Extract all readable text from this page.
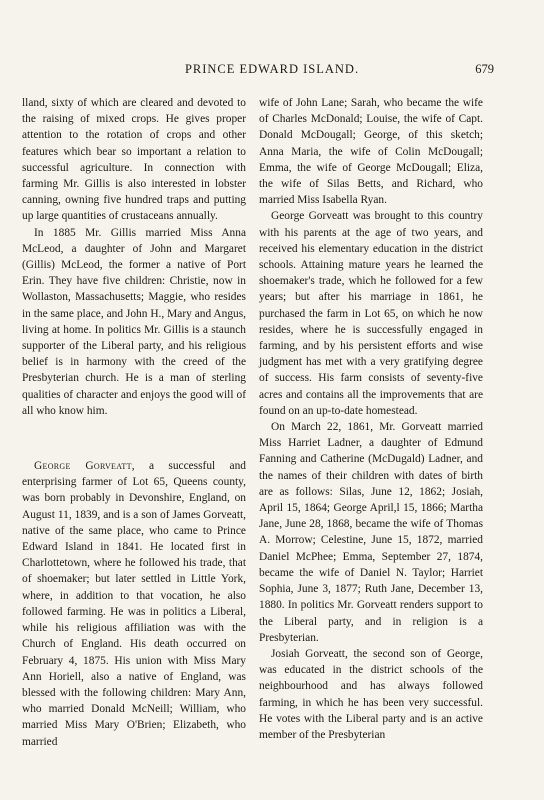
PRINCE EDWARD ISLAND.	679

lland, sixty of which are cleared and devoted to the raising of mixed crops. He gives proper attention to the rotation of crops and other features which bear so important a relation to successful agriculture. In connection with farming Mr. Gillis is also interested in lobster canning, owning five hundred traps and putting up large quantities of crustaceans annually.

In 1885 Mr. Gillis married Miss Anna McLeod, a daughter of John and Margaret (Gillis) McLeod, the former a native of Port Erin. They have five children: Christie, now in Wollaston, Massachusetts; Maggie, who resides in the same place, and John H., Mary and Angus, living at home. In politics Mr. Gillis is a staunch supporter of the Liberal party, and his religious belief is in harmony with the creed of the Presbyterian church. He is a man of sterling qualities of character and enjoys the good will of all who know him.

George Gorveatt, a successful and enterprising farmer of Lot 65, Queens county, was born probably in Devonshire, England, on August 11, 1839, and is a son of James Gorveatt, native of the same place, who came to Prince Edward Island in 1841. He located first in Charlottetown, where he followed his trade, that of shoemaker; but later settled in Little York, where, in addition to that vocation, he also followed farming. He was in politics a Liberal, while his religious affiliation was with the Church of England. His death occurred on February 4, 1875. His union with Miss Mary Ann Horiell, also a native of England, was blessed with the following children: Mary Ann, who married Donald McNeill; William, who married Miss Mary O'Brien; Elizabeth, who married

wife of John Lane; Sarah, who became the wife of Charles McDonald; Louise, the wife of Capt. Donald McDougall; George, of this sketch; Anna Maria, the wife of Colin McDougall; Emma, the wife of George McDougall; Eliza, the wife of Silas Betts, and Richard, who married Miss Isabella Ryan.

George Gorveatt was brought to this country with his parents at the age of two years, and received his elementary education in the district schools. Attaining mature years he learned the shoemaker's trade, which he followed for a few years; but after his marriage in 1861, he purchased the farm in Lot 65, on which he now resides, where he is successfully engaged in farming, and by his persistent efforts and wise judgment has met with a very gratifying degree of success. His farm consists of seventy-five acres and contains all the improvements that are found on an up-to-date homestead.

On March 22, 1861, Mr. Gorveatt married Miss Harriet Ladner, a daughter of Edmund Fanning and Catherine (McDugald) Ladner, and the names of their children with dates of birth are as follows: Silas, June 12, 1862; Josiah, April 15, 1864; George April,l 15, 1866; Martha Jane, June 28, 1868, became the wife of Thomas A. Morrow; Celestine, June 15, 1872, married Daniel McPhee; Emma, September 27, 1874, became the wife of Daniel N. Taylor; Harriet Sophia, June 3, 1877; Ruth Jane, December 13, 1880. In politics Mr. Gorveatt renders support to the Liberal party, and in religion is a Presbyterian.

Josiah Gorveatt, the second son of George, was educated in the district schools of the neighbourhood and has always followed farming, in which he has been very successful. He votes with the Liberal party and is an active member of the Presbyterian
